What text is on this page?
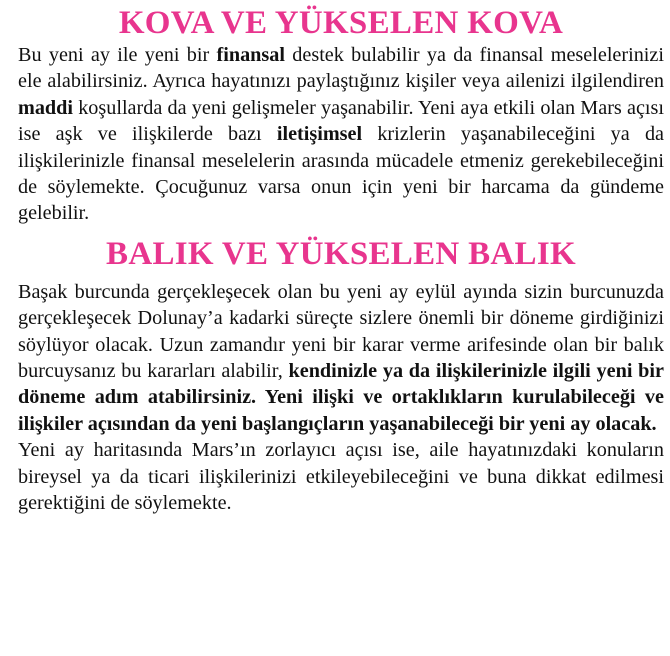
KOVA VE YÜKSELEN KOVA

Bu yeni ay ile yeni bir finansal destek bulabilir ya da finansal meselelerinizi ele alabilirsiniz. Ayrıca hayatınızı paylaştığınız kişiler veya ailenizi ilgilendiren maddi koşullarda da yeni gelişmeler yaşanabilir. Yeni aya etkili olan Mars açısı ise aşk ve ilişkilerde bazı iletişimsel krizlerin yaşanabileceğini ya da ilişkilerinizle finansal meselelerin arasında mücadele etmeniz gerekebileceğini de söylemekte. Çocuğunuz varsa onun için yeni bir harcama da gündeme gelebilir.

BALIK VE YÜKSELEN BALIK

Başak burcunda gerçekleşecek olan bu yeni ay eylül ayında sizin burcunuzda gerçekleşecek Dolunay’a kadarki süreçte sizlere önemli bir döneme girdiğinizi söylüyor olacak. Uzun zamandır yeni bir karar verme arifesinde olan bir balık burcuysanız bu kararları alabilir, kendinizle ya da ilişkilerinizle ilgili yeni bir döneme adım atabilirsiniz. Yeni ilişki ve ortaklıkların kurulabileceği ve ilişkiler açısından da yeni başlangıçların yaşanabileceği bir yeni ay olacak.

Yeni ay haritasında Mars’ın zorlayıcı açısı ise, aile hayatınızdaki konuların bireysel ya da ticari ilişkilerinizi etkileyebileceğini ve buna dikkat edilmesi gerektiğini de söylemekte.
